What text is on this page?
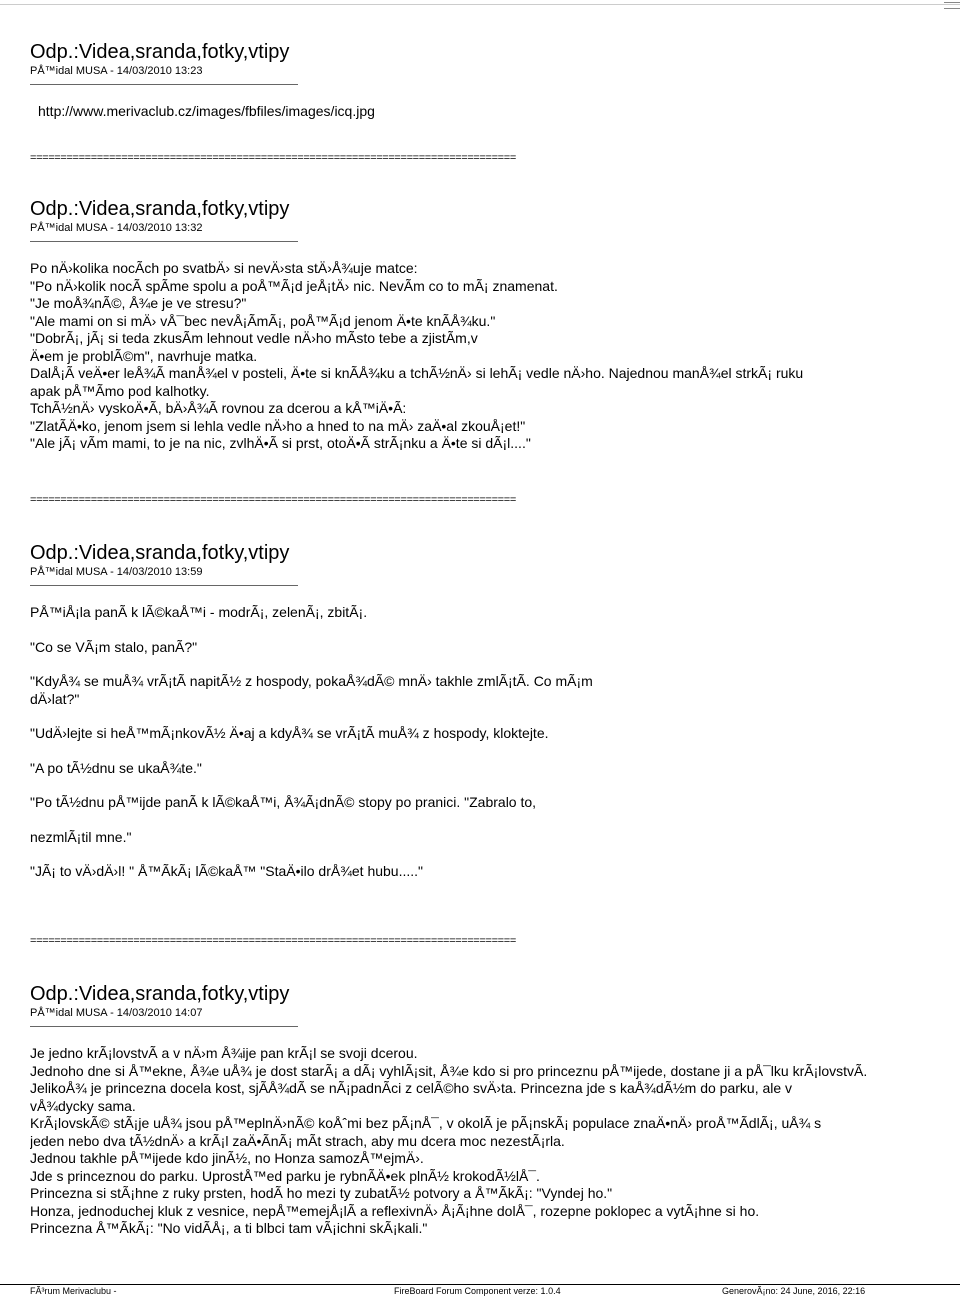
Odp.:Videa,sranda,fotky,vtipy
PÅ™idal MUSA - 14/03/2010 13:23
http://www.merivaclub.cz/images/fbfiles/images/icq.jpg
================================================================================
Odp.:Videa,sranda,fotky,vtipy
PÅ™idal MUSA - 14/03/2010 13:32
Po nÄ›kolika nocÃch po svatbÄ› si nevÄ›sta stÄ›Å¾uje matce:
"Po nÄ›kolik nocÃ spÃme spolu a poÅ™Ã¡d jeÅ¡tÄ› nic. NevÃm co to mÃ¡ znamenat.
"Je moÅ¾nÃ©, Å¾e je ve stresu?"
"Ale mami on si mÄ› vÅ¯bec nevÅ¡ÃmÃ¡, poÅ™Ã¡d jenom Ä•te knÃÅ¾ku."
"DobrÃ¡, jÃ¡ si teda zkusÃm lehnout vedle nÄ›ho mÃsto tebe a zjistÃm,v
Ä•em je problÃ©m", navrhuje matka.
DalÅ¡Ã veÄ•er leÅ¾Ã manÅ¾el v posteli, Ä•te si knÃÅ¾ku a tchÃ½nÄ› si lehÃ¡ vedle nÄ›ho. Najednou manÅ¾el strkÃ¡ ruku
apak pÅ™Ãmo pod kalhotky.
TchÃ½nÄ› vyskoÄ•Ã, bÄ›Å¾Ã rovnou za dcerou a kÅ™iÄ•Ã:
"ZlatÃÄ•ko, jenom jsem si lehla vedle nÄ›ho a hned to na mÄ› zaÄ•al zkouÅ¡et!"
"Ale jÃ¡ vÃm mami, to je na nic, zvlhÄ•Ã si prst, otoÄ•Ã strÃ¡nku a Ä•te si dÃ¡l...."
================================================================================
Odp.:Videa,sranda,fotky,vtipy
PÅ™idal MUSA - 14/03/2010 13:59
PÅ™iÅ¡la panÃ k lÃ©kaÅ™i - modrÃ¡, zelenÃ¡, zbitÃ¡.
"Co se VÃ¡m stalo, panÃ?"
"KdyÅ¾ se muÅ¾ vrÃ¡tÃ napitÃ½ z hospody, pokaÅ¾dÃ© mnÄ› takhle zmlÃ¡tÃ. Co mÃ¡m
dÄ›lat?"
"UdÄ›lejte si heÅ™mÃ¡nkovÃ½ Ä•aj a kdyÅ¾ se vrÃ¡tÃ muÅ¾ z hospody, kloktejte.
"A po tÃ½dnu se ukaÅ¾te."
"Po tÃ½dnu pÅ™ijde panÃ k lÃ©kaÅ™i, Å¾Ã¡dnÃ© stopy po pranici. "Zabralo to,
nezmlÃ¡til mne."
"JÃ¡ to vÄ›dÄ›l! " Å™ÃkÃ¡ lÃ©kaÅ™ "StaÄ•ilo drÅ¾et hubu....."
================================================================================
Odp.:Videa,sranda,fotky,vtipy
PÅ™idal MUSA - 14/03/2010 14:07
Je jedno krÃ¡lovstvÃ a v nÄ›m Å¾ije pan krÃ¡l se svoji dcerou.
Jednoho dne si Å™ekne, Å¾e uÅ¾ je dost starÃ¡ a dÃ¡ vyhlÃ¡sit, Å¾e kdo si pro princeznu pÅ™ijede, dostane ji a pÅ¯lku krÃ¡lovstvÃ.
JelikoÅ¾ je princezna docela kost, sjÃÅ¾dÃ se nÃ¡padnÃci z celÃ©ho svÄ›ta. Princezna jde s kaÅ¾dÃ½m do parku, ale v
vÅ¾dycky sama.
KrÃ¡lovskÃ© stÃ¡je uÅ¾ jsou pÅ™eplnÄ›nÃ© koÅˆmi bez pÃ¡nÅ¯, v okolÃ je pÃ¡nskÃ¡ populace znaÄ•nÄ› proÅ™ÃdlÃ¡, uÅ¾ s
jeden nebo dva tÃ½dnÄ› a krÃ¡l zaÄ•ÃnÃ¡ mÃt strach, aby mu dcera moc nezestÃ¡rla.
Jednou takhle pÅ™ijede kdo jinÃ½, no Honza samozÅ™ejmÄ›.
Jde s princeznou do parku. UprostÅ™ed parku je rybnÃÄ•ek plnÃ½ krokodÃ½lÅ¯.
Princezna si stÃ¡hne z ruky prsten, hodÃ ho mezi ty zubatÃ½ potvory a Å™ÃkÃ¡: "Vyndej ho."
Honza, jednoduchej kluk z vesnice, nepÅ™emejÅ¡lÃ a reflexivnÄ› Å¡Ã¡hne dolÅ¯, rozepne poklopec a vytÃ¡hne si ho.
Princezna Å™ÃkÃ¡: "No vidÃÅ¡, a ti blbci tam vÃ¡ichni skÃ¡kali."
FÃ³rum Merivaclubu -	FireBoard Forum Component verze: 1.0.4	GenerovÃ¡no: 24 June, 2016, 22:16
